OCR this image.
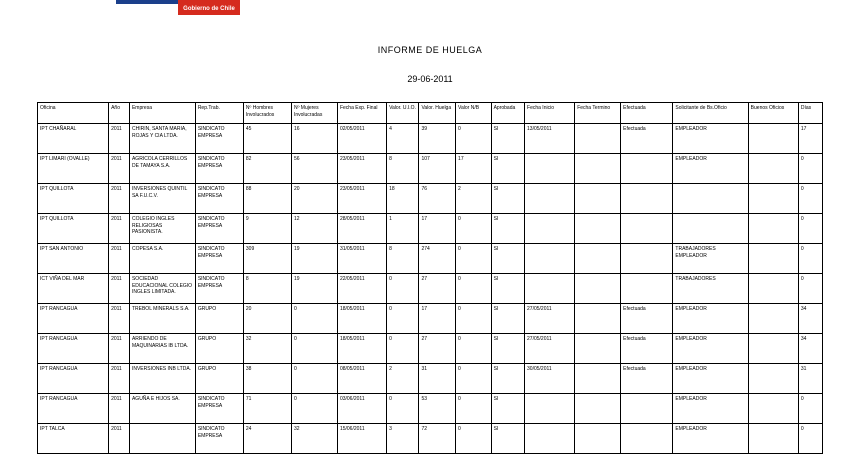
Gobierno de Chile
INFORME DE HUELGA
29-06-2011
Oficina	Año	Empresa	Rep.Trab.	Nº Hombres Involucrados	Nº Mujeres Involucradas	Fecha Exp. Final	Valor. U.I.O.	Valor. Huelga	Valor N/B	Aprobada	Fecha Inicio	Fecha Termino	Efectuada	Solicitante de Bs.Oficio	Buenos Oficios	Días
IPT CHAÑARAL	2011	CHIRIN, SANTA MARIA, ROJAS Y CIA LTDA.	SINDICATO EMPRESA	45	16	02/05/2011	4	39	0	SI	13/05/2011		Efectuada	EMPLEADOR		17
IPT LIMARI (OVALLE)	2011	AGRICOLA CERRILLOS DE TAMAYA S.A.	SINDICATO EMPRESA	82	56	23/05/2011	8	107	17	SI				EMPLEADOR		0
IPT QUILLOTA	2011	INVERSIONES QUINTIL SA F.U.C.V.	SINDICATO EMPRESA	88	20	23/05/2011	18	76	2	SI						0
IPT QUILLOTA	2011	COLEGIO INGLES RELIGIOSAS PASIONISTA.	SINDICATO EMPRESA	9	12	28/05/2011	1	17	0	SI						0
IPT SAN ANTONIO	2011	COPESA S.A.	SINDICATO EMPRESA	309	19	31/05/2011	8	274	0	SI				TRABAJADORES EMPLEADOR		0
ICT VIÑA DEL MAR	2011	SOCIEDAD EDUCACIONAL COLEGIO INGLES LIMITADA.	SINDICATO EMPRESA	8	19	22/05/2011	0	27	0	SI				TRABAJADORES		0
IPT RANCAGUA	2011	TREBOL MINERALS S.A.	GRUPO	20	0	18/05/2011	0	17	0	SI	27/05/2011		Efectuada	EMPLEADOR		34
IPT RANCAGUA	2011	ARRIENDO DE MAQUINARIAS IB LTDA.	GRUPO	32	0	18/05/2011	0	27	0	SI	27/05/2011		Efectuada	EMPLEADOR		34
IPT RANCAGUA	2011	INVERSIONES INB LTDA.	GRUPO	38	0	08/05/2011	2	31	0	SI	30/05/2011		Efectuada	EMPLEADOR		31
IPT RANCAGUA	2011	AGUÑA E HIJOS SA.	SINDICATO EMPRESA	71	0	03/06/2011	0	53	0	SI				EMPLEADOR		0
IPT TALCA	2011		SINDICATO EMPRESA	24	32	15/06/2011	3	72	0	SI				EMPLEADOR		0
